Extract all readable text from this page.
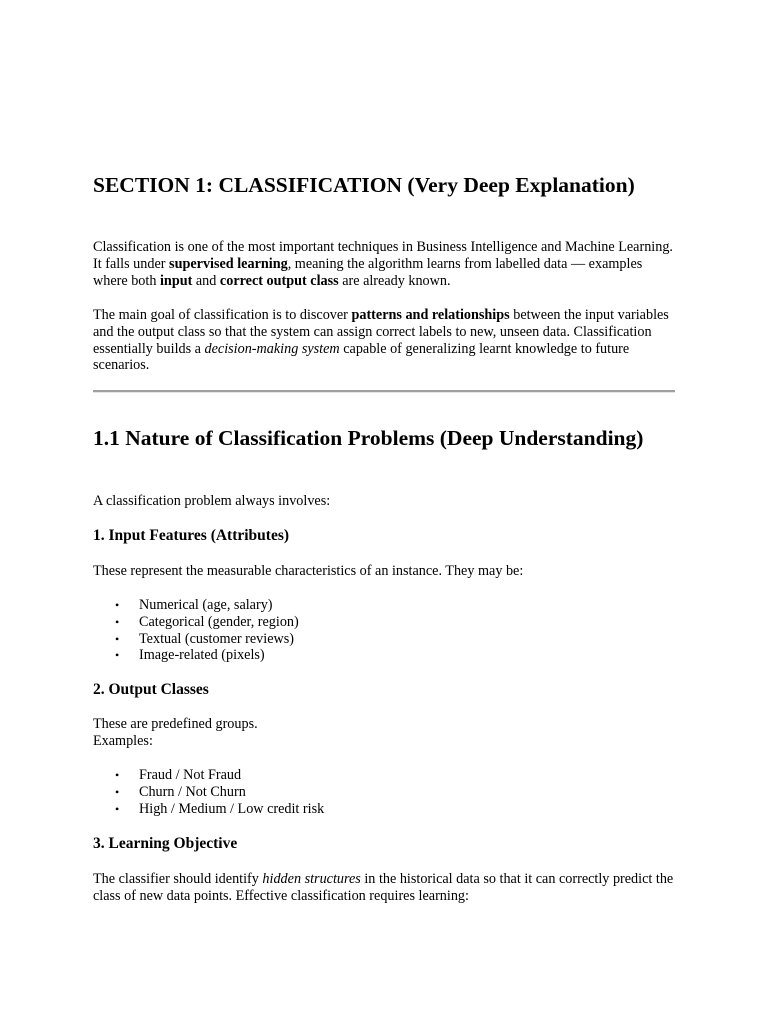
SECTION 1: CLASSIFICATION (Very Deep Explanation)

Classification is one of the most important techniques in Business Intelligence and Machine Learning. It falls under supervised learning, meaning the algorithm learns from labelled data — examples where both input and correct output class are already known.

The main goal of classification is to discover patterns and relationships between the input variables and the output class so that the system can assign correct labels to new, unseen data. Classification essentially builds a decision-making system capable of generalizing learnt knowledge to future scenarios.

1.1 Nature of Classification Problems (Deep Understanding)

A classification problem always involves:

1. Input Features (Attributes)

These represent the measurable characteristics of an instance. They may be:

• Numerical (age, salary)
• Categorical (gender, region)
• Textual (customer reviews)
• Image-related (pixels)
2. Output Classes

These are predefined groups.
Examples:

• Fraud / Not Fraud
• Churn / Not Churn
• High / Medium / Low credit risk
3. Learning Objective

The classifier should identify hidden structures in the historical data so that it can correctly predict the class of new data points. Effective classification requires learning:
